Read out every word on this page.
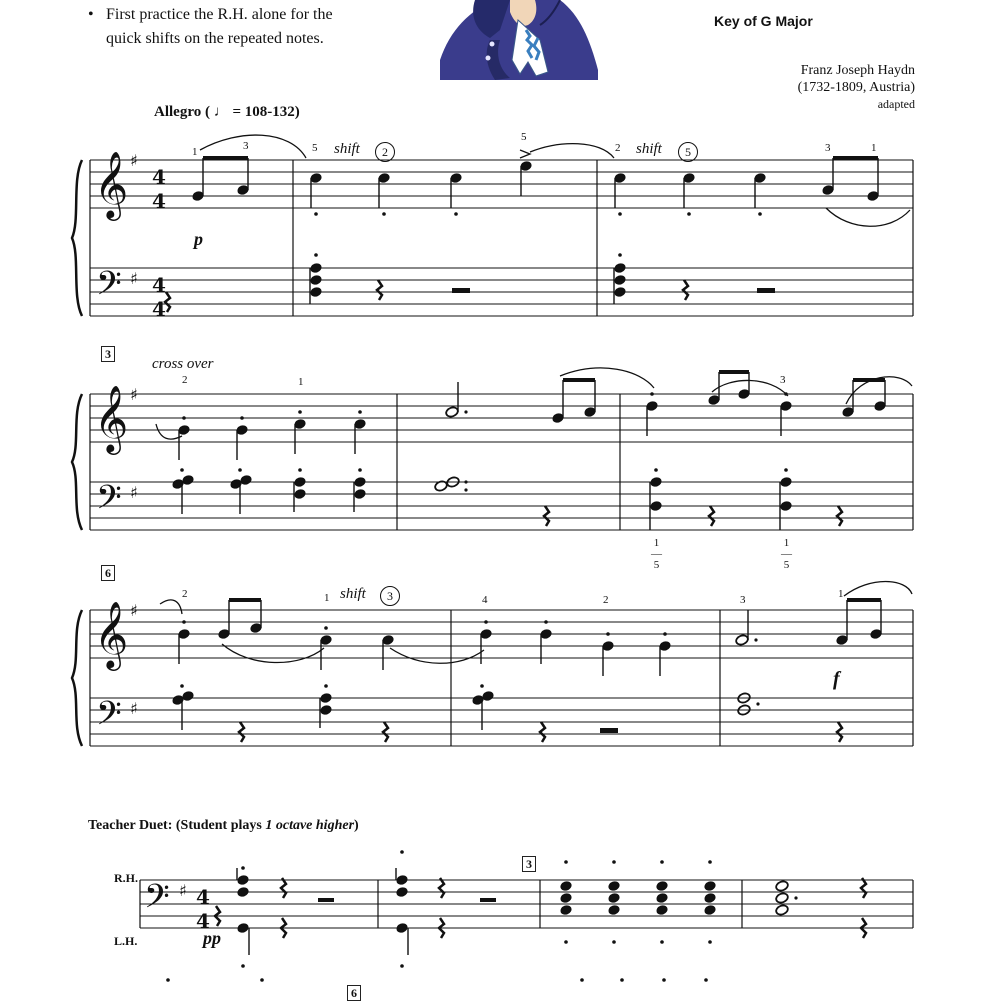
• First practice the R.H. alone for the
quick shifts on the repeated notes.
Key of G Major
Franz Joseph Haydn
(1732-1809, Austria)
adapted
Allegro ( ♩ = 108-132)
𝄞
𝄢
♯
♯
4
4
4
4
𝄞
𝄢
♯
♯
𝄞
𝄢
♯
♯
𝄢 ♯ 4
4
1	3	5 shift	2
5
2 shift	5	3	1
p
3
cross over
2	1	3
1
—
5
1
—
5
6
2	1 shift	3	4	2	3	1
f
Teacher Duet: (Student plays 1 octave higher)
R.H.
L.H.	pp
3
6
